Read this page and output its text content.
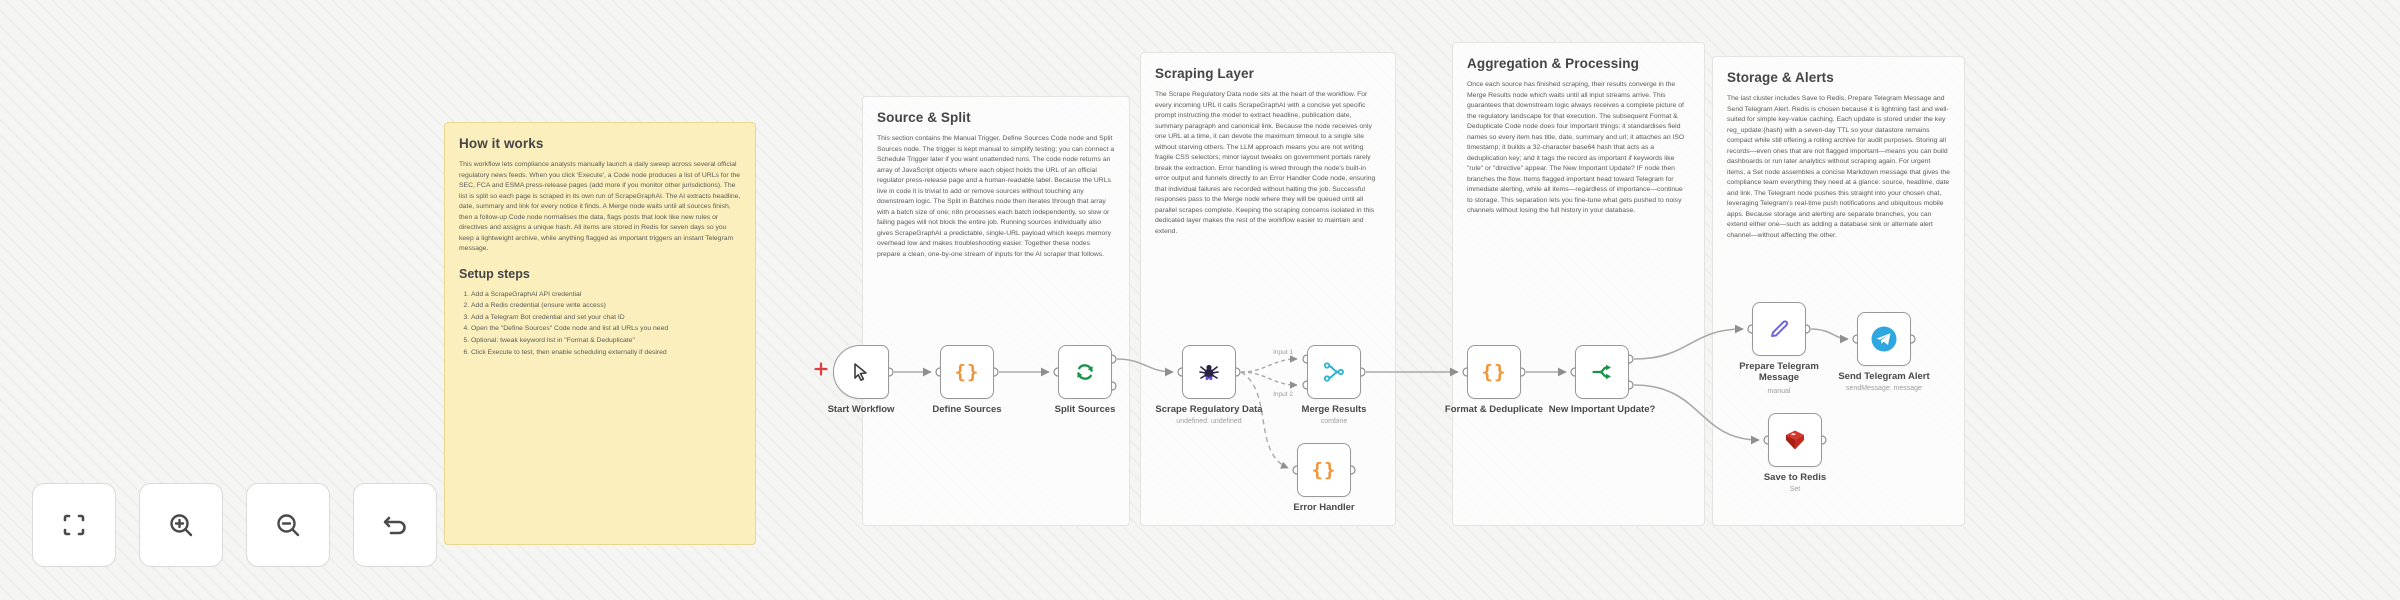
How it works

This workflow lets compliance analysts manually launch a daily sweep across several official regulatory news feeds. When you click 'Execute', a Code node produces a list of URLs for the SEC, FCA and ESMA press-release pages (add more if you monitor other jurisdictions). The list is split so each page is scraped in its own run of ScrapeGraphAI. The AI extracts headline, date, summary and link for every notice it finds. A Merge node waits until all sources finish, then a follow-up Code node normalises the data, flags posts that look like new rules or directives and assigns a unique hash. All items are stored in Redis for seven days so you keep a lightweight archive, while anything flagged as important triggers an instant Telegram message.

Setup steps
1. Add a ScrapeGraphAI API credential
2. Add a Redis credential (ensure write access)
3. Add a Telegram Bot credential and set your chat ID
4. Open the "Define Sources" Code node and list all URLs you need
5. Optional: tweak keyword list in "Format & Deduplicate"
6. Click Execute to test, then enable scheduling externally if desired
Source & Split

This section contains the Manual Trigger, Define Sources Code node and Split Sources node. The trigger is kept manual to simplify testing; you can connect a Schedule Trigger later if you want unattended runs. The code node returns an array of JavaScript objects where each object holds the URL of an official regulator press-release page and a human-readable label. Because the URLs live in code it is trivial to add or remove sources without touching any downstream logic. The Split in Batches node then iterates through that array with a batch size of one; n8n processes each batch independently, so slow or failing pages will not block the entire job. Running sources individually also gives ScrapeGraphAI a predictable, single-URL payload which keeps memory overhead low and makes troubleshooting easier. Together these nodes prepare a clean, one-by-one stream of inputs for the AI scraper that follows.

Scraping Layer

The Scrape Regulatory Data node sits at the heart of the workflow. For every incoming URL it calls ScrapeGraphAI with a concise yet specific prompt instructing the model to extract headline, publication date, summary paragraph and canonical link. Because the node receives only one URL at a time, it can devote the maximum timeout to a single site without starving others. The LLM approach means you are not writing fragile CSS selectors; minor layout tweaks on government portals rarely break the extraction. Error handling is wired through the node's built-in error output and funnels directly to an Error Handler Code node, ensuring that individual failures are recorded without halting the job. Successful responses pass to the Merge node where they will be queued until all parallel scrapes complete. Keeping the scraping concerns isolated in this dedicated layer makes the rest of the workflow easier to maintain and extend.

Aggregation & Processing

Once each source has finished scraping, their results converge in the Merge Results node which waits until all input streams arrive. This guarantees that downstream logic always receives a complete picture of the regulatory landscape for that execution. The subsequent Format & Deduplicate Code node does four important things: it standardises field names so every item has title, date, summary and url; it attaches an ISO timestamp; it builds a 32-character base64 hash that acts as a deduplication key; and it tags the record as important if keywords like "rule" or "directive" appear. The New Important Update? IF node then branches the flow. Items flagged important head toward Telegram for immediate alerting, while all items—regardless of importance—continue to storage. This separation lets you fine-tune what gets pushed to noisy channels without losing the full history in your database.

Storage & Alerts

The last cluster includes Save to Redis, Prepare Telegram Message and Send Telegram Alert. Redis is chosen because it is lightning fast and well-suited for simple key-value caching. Each update is stored under the key reg_update:{hash} with a seven-day TTL so your datastore remains compact while still offering a rolling archive for audit purposes. Storing all records—even ones that are not flagged important—means you can build dashboards or run later analytics without scraping again. For urgent items, a Set node assembles a concise Markdown message that gives the compliance team everything they need at a glance: source, headline, date and link. The Telegram node pushes this straight into your chosen chat, leveraging Telegram's real-time push notifications and ubiquitous mobile apps. Because storage and alerting are separate branches, you can extend either one—such as adding a database sink or alternate alert channel—without affecting the other.

Input 1
Input 2
Start Workflow
{}
Define Sources	Split Sources	Scrape Regulatory Data
undefined: undefined
Merge Results
combine
{}
Error Handler
{}
Format & Deduplicate New Important Update?
Prepare Telegram Message
manual
Send Telegram Alert
sendMessage: message
Save to Redis
Set
